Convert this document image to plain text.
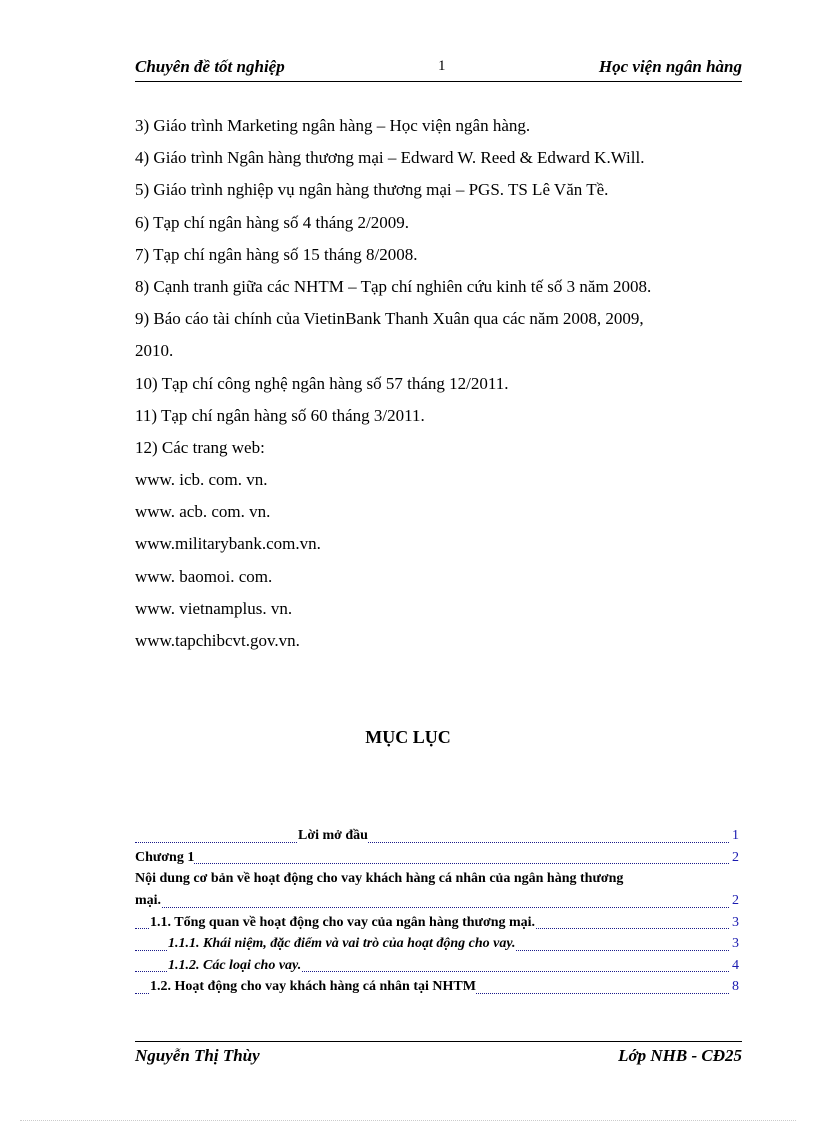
Chuyên đề tốt nghiệp	1	Học viện ngân hàng
3) Giáo trình Marketing ngân hàng – Học viện ngân hàng.
4) Giáo trình Ngân hàng thương mại – Edward W. Reed & Edward K.Will.
5) Giáo trình nghiệp vụ ngân hàng thương mại – PGS. TS Lê Văn Tề.
6) Tạp chí ngân hàng số 4 tháng 2/2009.
7) Tạp chí ngân hàng số 15 tháng 8/2008.
8) Cạnh tranh giữa các NHTM – Tạp chí nghiên cứu kinh tế số 3 năm 2008.
9) Báo cáo tài chính của VietinBank Thanh Xuân qua các năm 2008, 2009,
2010.
10) Tạp chí công nghệ ngân hàng số 57 tháng 12/2011.
11) Tạp chí ngân hàng số 60 tháng 3/2011.
12) Các trang web:
www. icb. com. vn.
www. acb. com. vn.
www.militarybank.com.vn.
www. baomoi. com.
www. vietnamplus. vn.
www.tapchibcvt.gov.vn.
MỤC LỤC
Lời mở đầu	1
Chương 1	2
Nội dung cơ bản về hoạt động cho vay khách hàng cá nhân của ngân hàng thương
mại.	2
1.1. Tổng quan về hoạt động cho vay của ngân hàng thương mại.	3
1.1.1. Khái niệm, đặc điểm và vai trò của hoạt động cho vay.	3
1.1.2. Các loại cho vay.	4
1.2. Hoạt động cho vay khách hàng cá nhân tại NHTM	8
Nguyễn Thị Thùy	Lớp NHB - CĐ25
